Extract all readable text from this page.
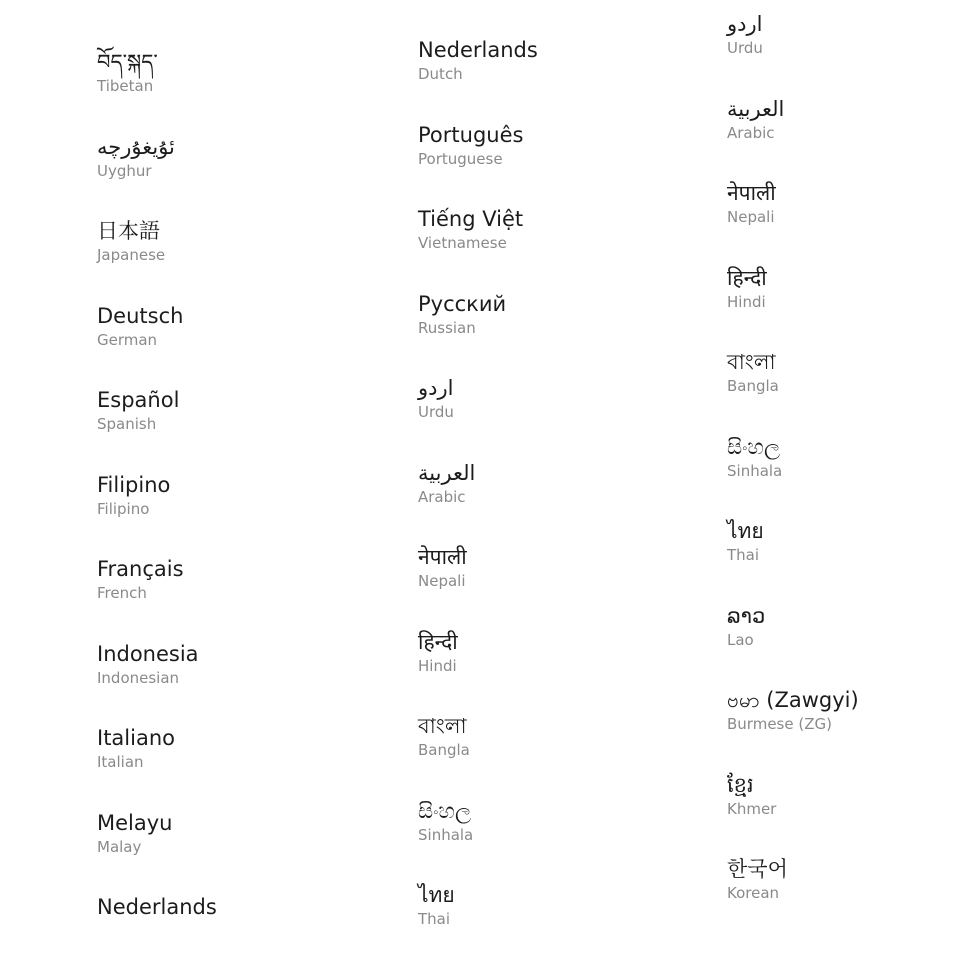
བོད་སྐད་
Tibetan
ئۇيغۇرچە
Uyghur
日本語
Japanese
Deutsch
German
Español
Spanish
Filipino
Filipino
Français
French
Indonesia
Indonesian
Italiano
Italian
Melayu
Malay
Nederlands
Nederlands
Dutch
Português
Portuguese
Tiếng Việt
Vietnamese
Русский
Russian
اردو
Urdu
العربية
Arabic
नेपाली
Nepali
हिन्दी
Hindi
বাংলা
Bangla
සිංහල
Sinhala
ไทย
Thai
اردو
Urdu
العربية
Arabic
नेपाली
Nepali
हिन्दी
Hindi
বাংলা
Bangla
සිංහල
Sinhala
ไทย
Thai
ລາວ
Lao
ဗမာ (Zawgyi)
Burmese (ZG)
ខ្មែរ
Khmer
한국어
Korean
